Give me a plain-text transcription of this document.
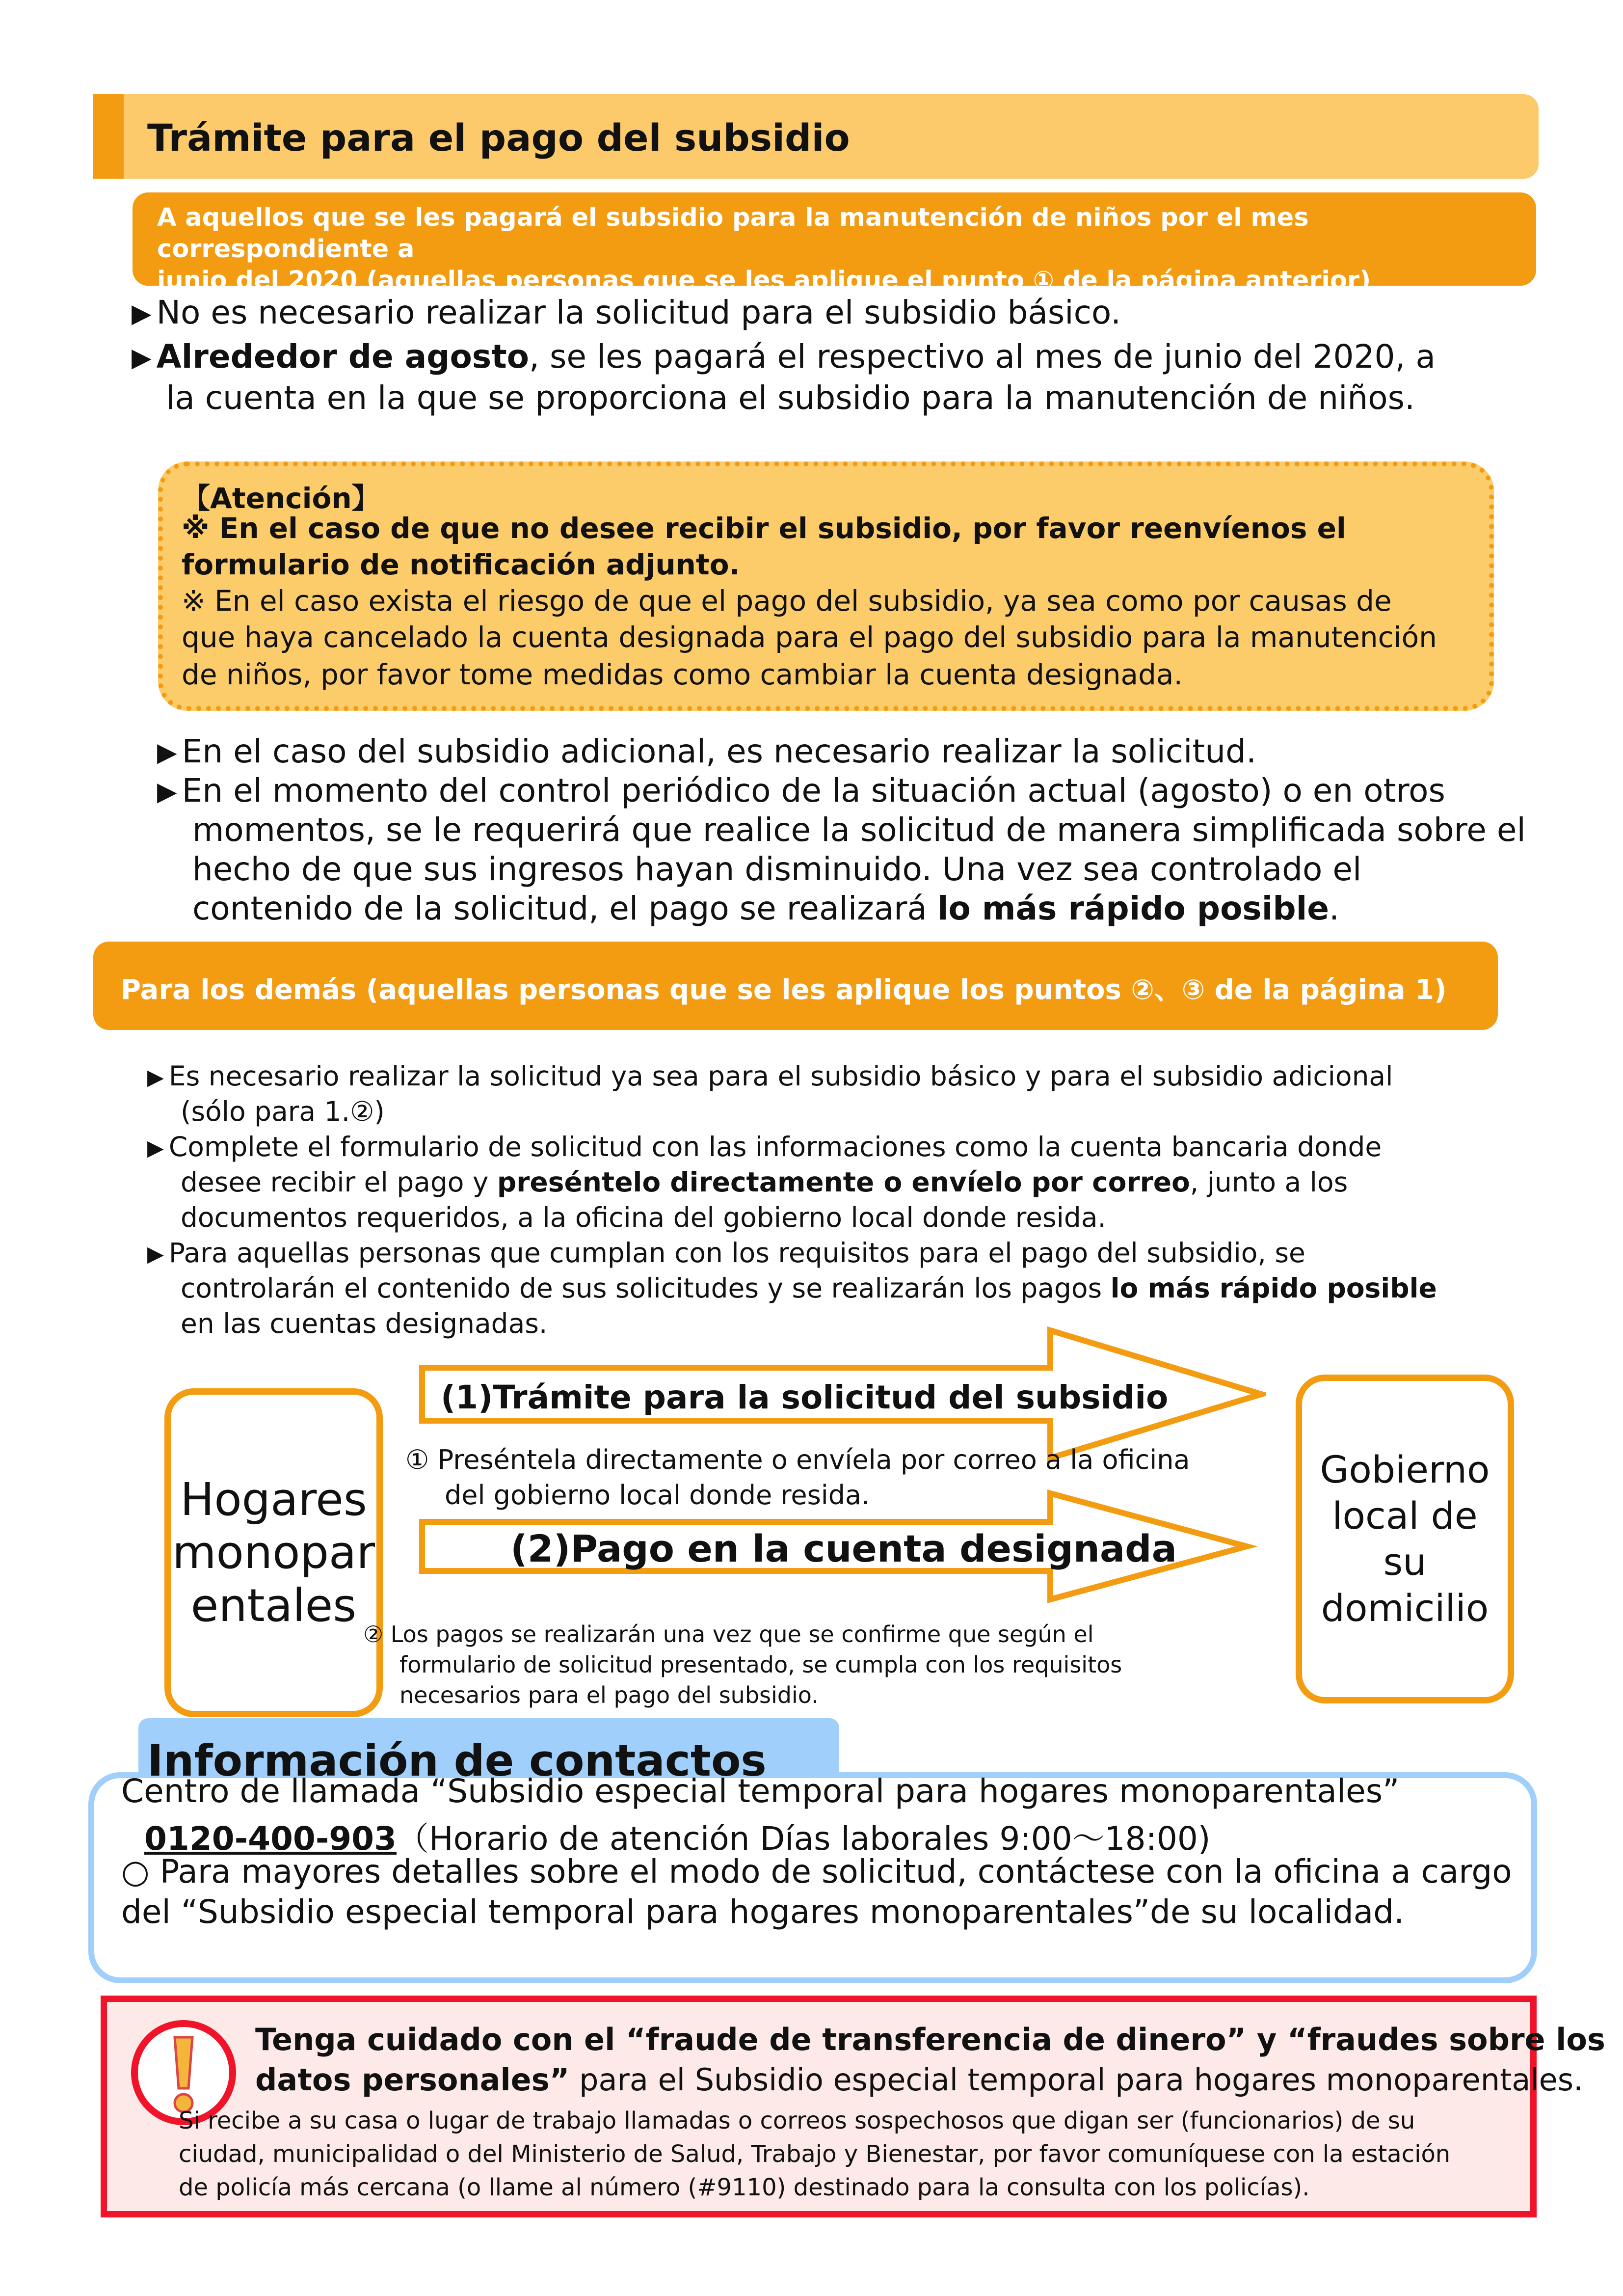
Trámite para el pago del subsidio
A aquellos que se les pagará el subsidio para la manutención de niños por el mes correspondiente a
junio del 2020 (aquellas personas que se les aplique el punto ① de la página anterior)
▶ No es necesario realizar la solicitud para el subsidio básico.
▶ Alrededor de agosto, se les pagará el respectivo al mes de junio del 2020, a
la cuenta en la que se proporciona el subsidio para la manutención de niños.
【Atención】
※ En el caso de que no desee recibir el subsidio, por favor reenvíenos el
formulario de notificación adjunto.
※ En el caso exista el riesgo de que el pago del subsidio, ya sea como por causas de
que haya cancelado la cuenta designada para el pago del subsidio para la manutención
de niños, por favor tome medidas como cambiar la cuenta designada.
▶ En el caso del subsidio adicional, es necesario realizar la solicitud.
▶ En el momento del control periódico de la situación actual (agosto) o en otros
momentos, se le requerirá que realice la solicitud de manera simplificada sobre el
hecho de que sus ingresos hayan disminuido. Una vez sea controlado el
contenido de la solicitud, el pago se realizará lo más rápido posible.
Para los demás (aquellas personas que se les aplique los puntos ②、③ de la página 1)
▶ Es necesario realizar la solicitud ya sea para el subsidio básico y para el subsidio adicional
(sólo para 1.②)
▶ Complete el formulario de solicitud con las informaciones como la cuenta bancaria donde
desee recibir el pago y preséntelo directamente o envíelo por correo, junto a los
documentos requeridos, a la oficina del gobierno local donde resida.
▶ Para aquellas personas que cumplan con los requisitos para el pago del subsidio, se
controlarán el contenido de sus solicitudes y se realizarán los pagos lo más rápido posible
en las cuentas designadas.
Hogares
monopar
entales
Gobierno
local de
su
domicilio
(1)Trámite para la solicitud del subsidio
① Preséntela directamente o envíela por correo a la oficina
del gobierno local donde resida.
(2)Pago en la cuenta designada
② Los pagos se realizarán una vez que se confirme que según el
formulario de solicitud presentado, se cumpla con los requisitos
necesarios para el pago del subsidio.
Centro de llamada “Subsidio especial temporal para hogares monoparentales”
0120-400-903（Horario de atención Días laborales 9:00～18:00)
○ Para mayores detalles sobre el modo de solicitud, contáctese con la oficina a cargo
del “Subsidio especial temporal para hogares monoparentales”de su localidad.
Información de contactos
Tenga cuidado con el “fraude de transferencia de dinero” y “fraudes sobre los
datos personales” para el Subsidio especial temporal para hogares monoparentales.
Si recibe a su casa o lugar de trabajo llamadas o correos sospechosos que digan ser (funcionarios) de su
ciudad, municipalidad o del Ministerio de Salud, Trabajo y Bienestar, por favor comuníquese con la estación
de policía más cercana (o llame al número (#9110) destinado para la consulta con los policías).
